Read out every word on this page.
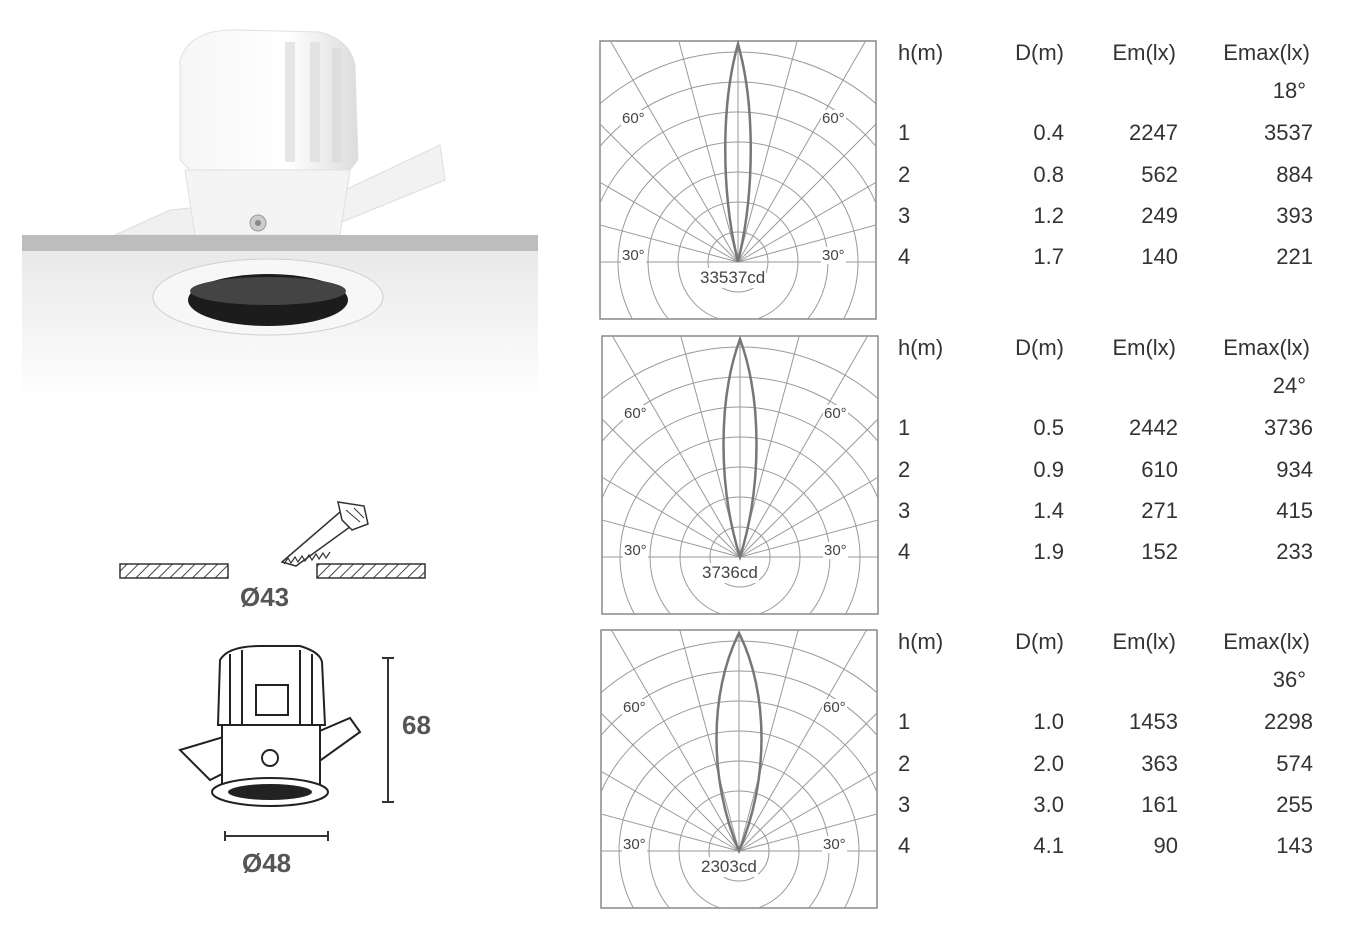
Ø43
68
Ø48
60°	60°
30°	30°
33537cd
60°	60°
30°	30°
3736cd
60°	60°
30°	30°
2303cd
h(m)	D(m) Em(lx) Emax(lx)
18°
1	0.4	2247	3537
2	0.8	562	884
3	1.2	249	393
4	1.7	140	221
h(m)	D(m) Em(lx) Emax(lx)
24°
1	0.5	2442	3736
2	0.9	610	934
3	1.4	271	415
4	1.9	152	233
h(m)	D(m) Em(lx) Emax(lx)
36°
1	1.0	1453	2298
2	2.0	363	574
3	3.0	161	255
4	4.1	90	143
